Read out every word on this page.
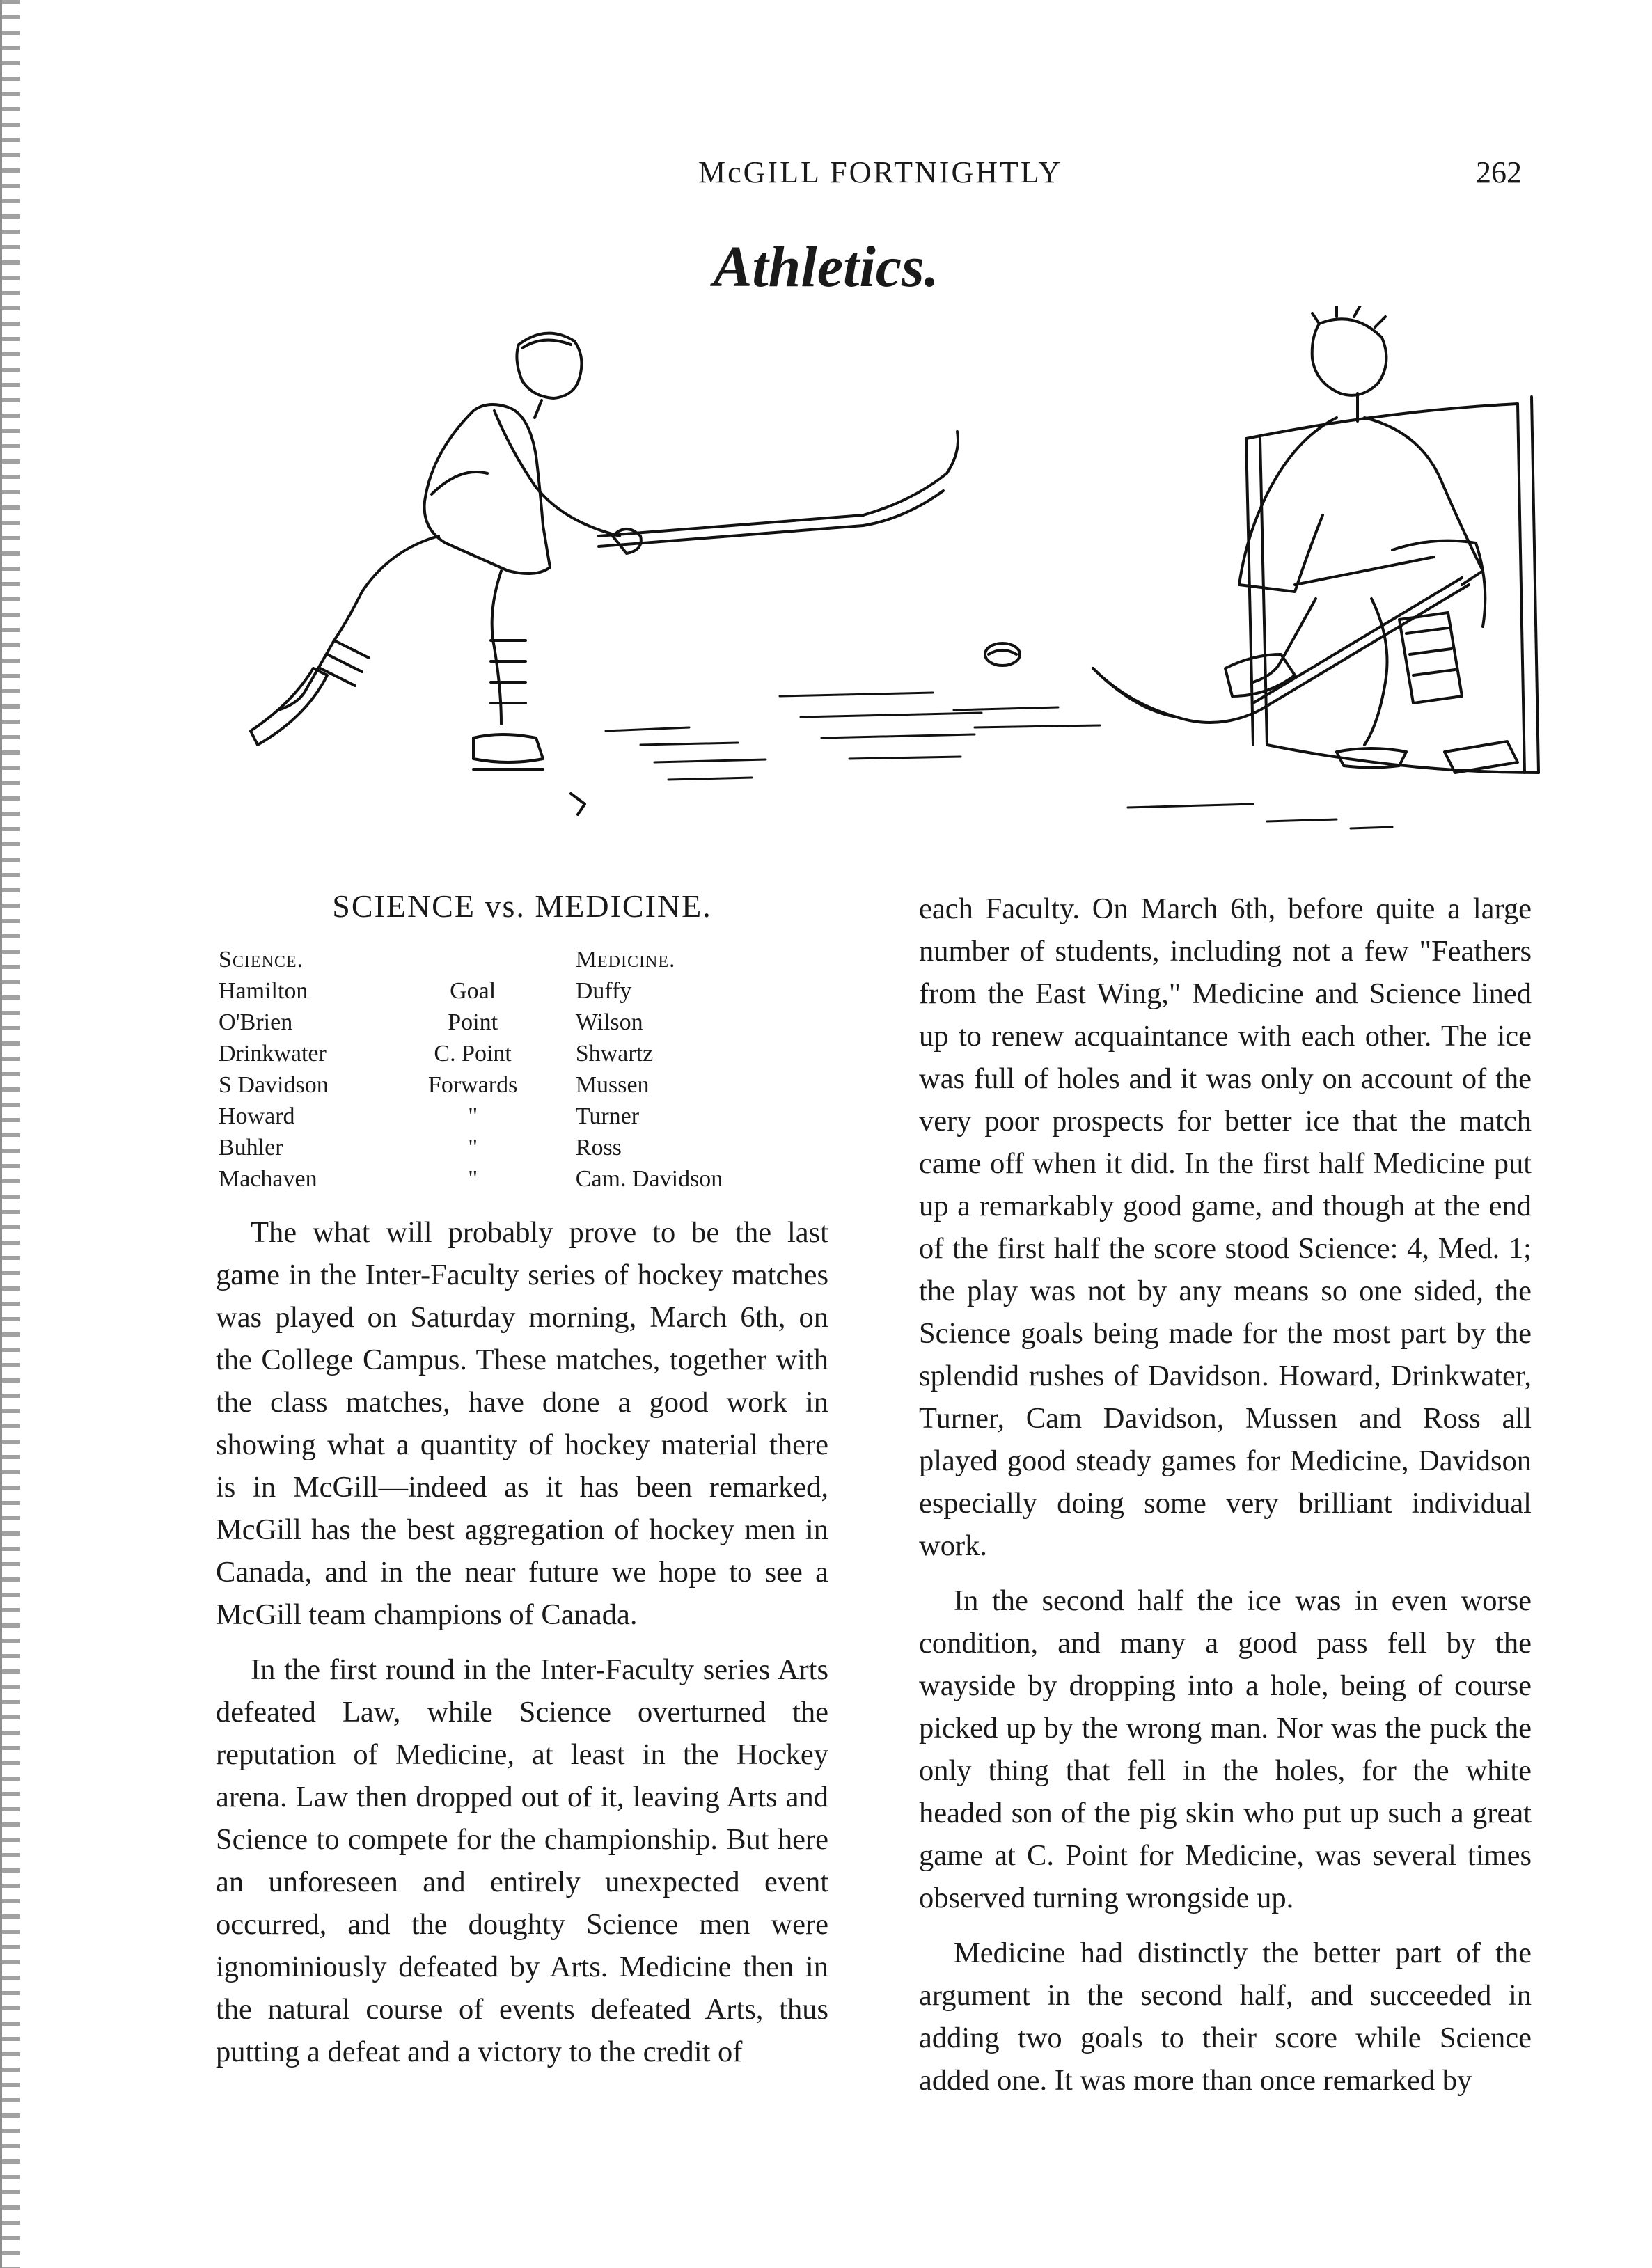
McGILL FORTNIGHTLY	262
Athletics.
SCIENCE vs. MEDICINE.
Science.		Medicine.
Hamilton	Goal	Duffy
O'Brien	Point	Wilson
Drinkwater	C. Point	Shwartz
S Davidson	Forwards	Mussen
Howard	"	Turner
Buhler	"	Ross
Machaven	"	Cam. Davidson

The what will probably prove to be the last game in the Inter-Faculty series of hockey matches was played on Saturday morning, March 6th, on the College Campus. These matches, together with the class matches, have done a good work in showing what a quantity of hockey material there is in McGill—indeed as it has been remarked, McGill has the best aggregation of hockey men in Canada, and in the near future we hope to see a McGill team champions of Canada.

In the first round in the Inter-Faculty series Arts defeated Law, while Science overturned the reputation of Medicine, at least in the Hockey arena. Law then dropped out of it, leaving Arts and Science to compete for the championship. But here an unforeseen and entirely unexpected event occurred, and the doughty Science men were ignominiously defeated by Arts. Medicine then in the natural course of events defeated Arts, thus putting a defeat and a victory to the credit of

each Faculty. On March 6th, before quite a large number of students, including not a few "Feathers from the East Wing," Medicine and Science lined up to renew acquaintance with each other. The ice was full of holes and it was only on account of the very poor prospects for better ice that the match came off when it did. In the first half Medicine put up a remarkably good game, and though at the end of the first half the score stood Science: 4, Med. 1; the play was not by any means so one sided, the Science goals being made for the most part by the splendid rushes of Davidson. Howard, Drinkwater, Turner, Cam Davidson, Mussen and Ross all played good steady games for Medicine, Davidson especially doing some very brilliant individual work.

In the second half the ice was in even worse condition, and many a good pass fell by the wayside by dropping into a hole, being of course picked up by the wrong man. Nor was the puck the only thing that fell in the holes, for the white headed son of the pig skin who put up such a great game at C. Point for Medicine, was several times observed turning wrongside up.

Medicine had distinctly the better part of the argument in the second half, and succeeded in adding two goals to their score while Science added one. It was more than once remarked by
